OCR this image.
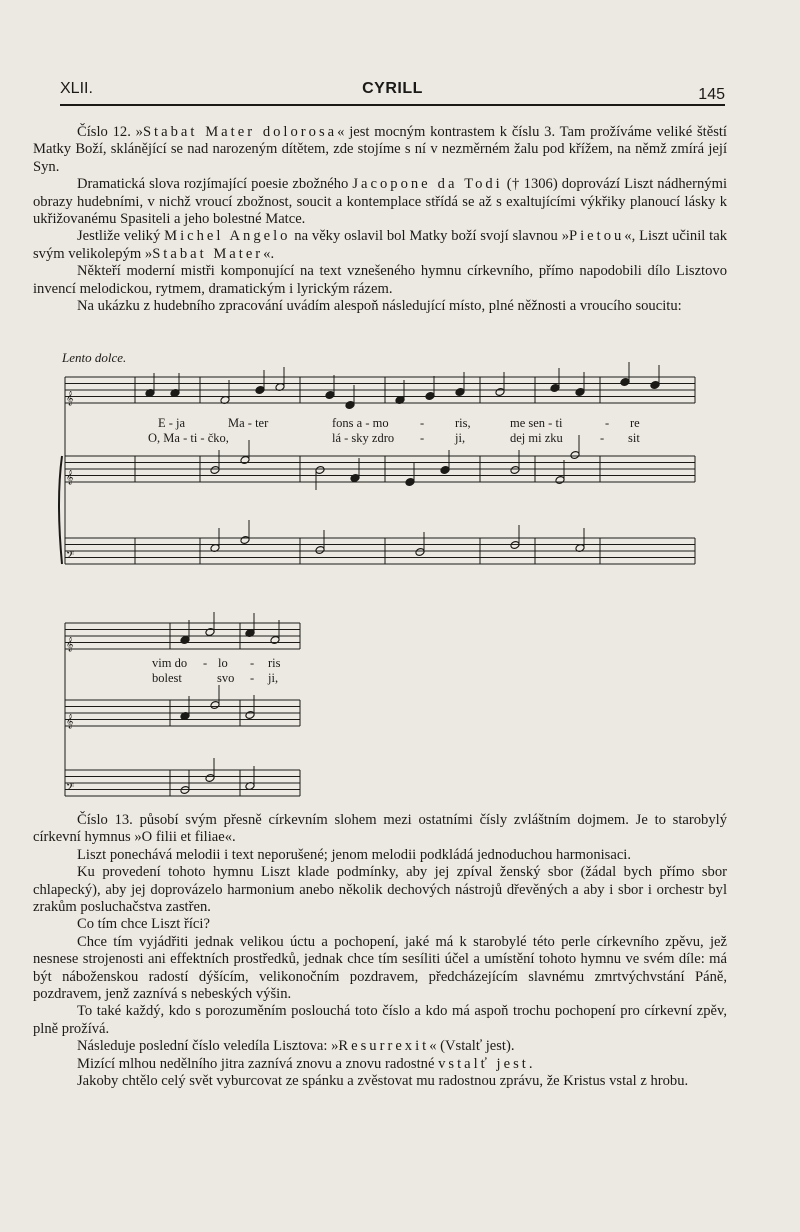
XLII.	CYRILL	145

Číslo 12. »Stabat Mater dolorosa« jest mocným kontrastem k číslu 3. Tam prožíváme veliké štěstí Matky Boží, sklánějící se nad narozeným dítětem, zde stojíme s ní v nezměrném žalu pod křížem, na němž zmírá její Syn.

Dramatická slova rozjímající poesie zbožného Jacopone da Todi († 1306) doprovází Liszt nádhernými obrazy hudebními, v nichž vroucí zbožnost, soucit a kontemplace střídá se až s exaltujícími výkřiky planoucí lásky k ukřižovanému Spasiteli a jeho bolestné Matce.

Jestliže veliký Michel Angelo na věky oslavil bol Matky boží svojí slavnou »Pietou«, Liszt učinil tak svým velikolepým »Stabat Mater«.

Někteří moderní mistři komponující na text vznešeného hymnu církevního, přímo napodobili dílo Lisztovo invencí melodickou, rytmem, dramatickým i lyrickým rázem.

Na ukázku z hudebního zpracování uvádím alespoň následující místo, plné něžnosti a vroucího soucitu:

Lento dolce.
𝄞
𝄞
𝄢
𝄞
𝄞
𝄢
E - ja	Ma - ter	fons a - mo	- ris,	me sen - ti	- re
O, Ma - ti - čko,	lá - sky zdro - ji,	dej mi zku	- sit
vim do - lo - ris
bolest	svo - ji,

Číslo 13. působí svým přesně církevním slohem mezi ostatními čísly zvláštním dojmem. Je to starobylý církevní hymnus »O filii et filiae«.

Liszt ponechává melodii i text neporušené; jenom melodii podkládá jednoduchou harmonisaci.

Ku provedení tohoto hymnu Liszt klade podmínky, aby jej zpíval ženský sbor (žádal bych přímo sbor chlapecký), aby jej doprovázelo harmonium anebo několik dechových nástrojů dřevěných a aby i sbor i orchestr byl zrakům posluchačstva zastřen.

Co tím chce Liszt říci?

Chce tím vyjádřiti jednak velikou úctu a pochopení, jaké má k starobylé této perle církevního zpěvu, jež nesnese strojenosti ani effektních prostředků, jednak chce tím sesíliti účel a umístění tohoto hymnu ve svém díle: má být náboženskou radostí dýšícím, velikonočním pozdravem, předcházejícím slavnému zmrtvýchvstání Páně, pozdravem, jenž zaznívá s nebeských výšin.

To také každý, kdo s porozuměním poslouchá toto číslo a kdo má aspoň trochu pochopení pro církevní zpěv, plně prožívá.

Následuje poslední číslo veledíla Lisztova: »Resurrexit« (Vstalť jest).

Mizící mlhou nedělního jitra zaznívá znovu a znovu radostné vstalť jest.

Jakoby chtělo celý svět vyburcovat ze spánku a zvěstovat mu radostnou zprávu, že Kristus vstal z hrobu.
